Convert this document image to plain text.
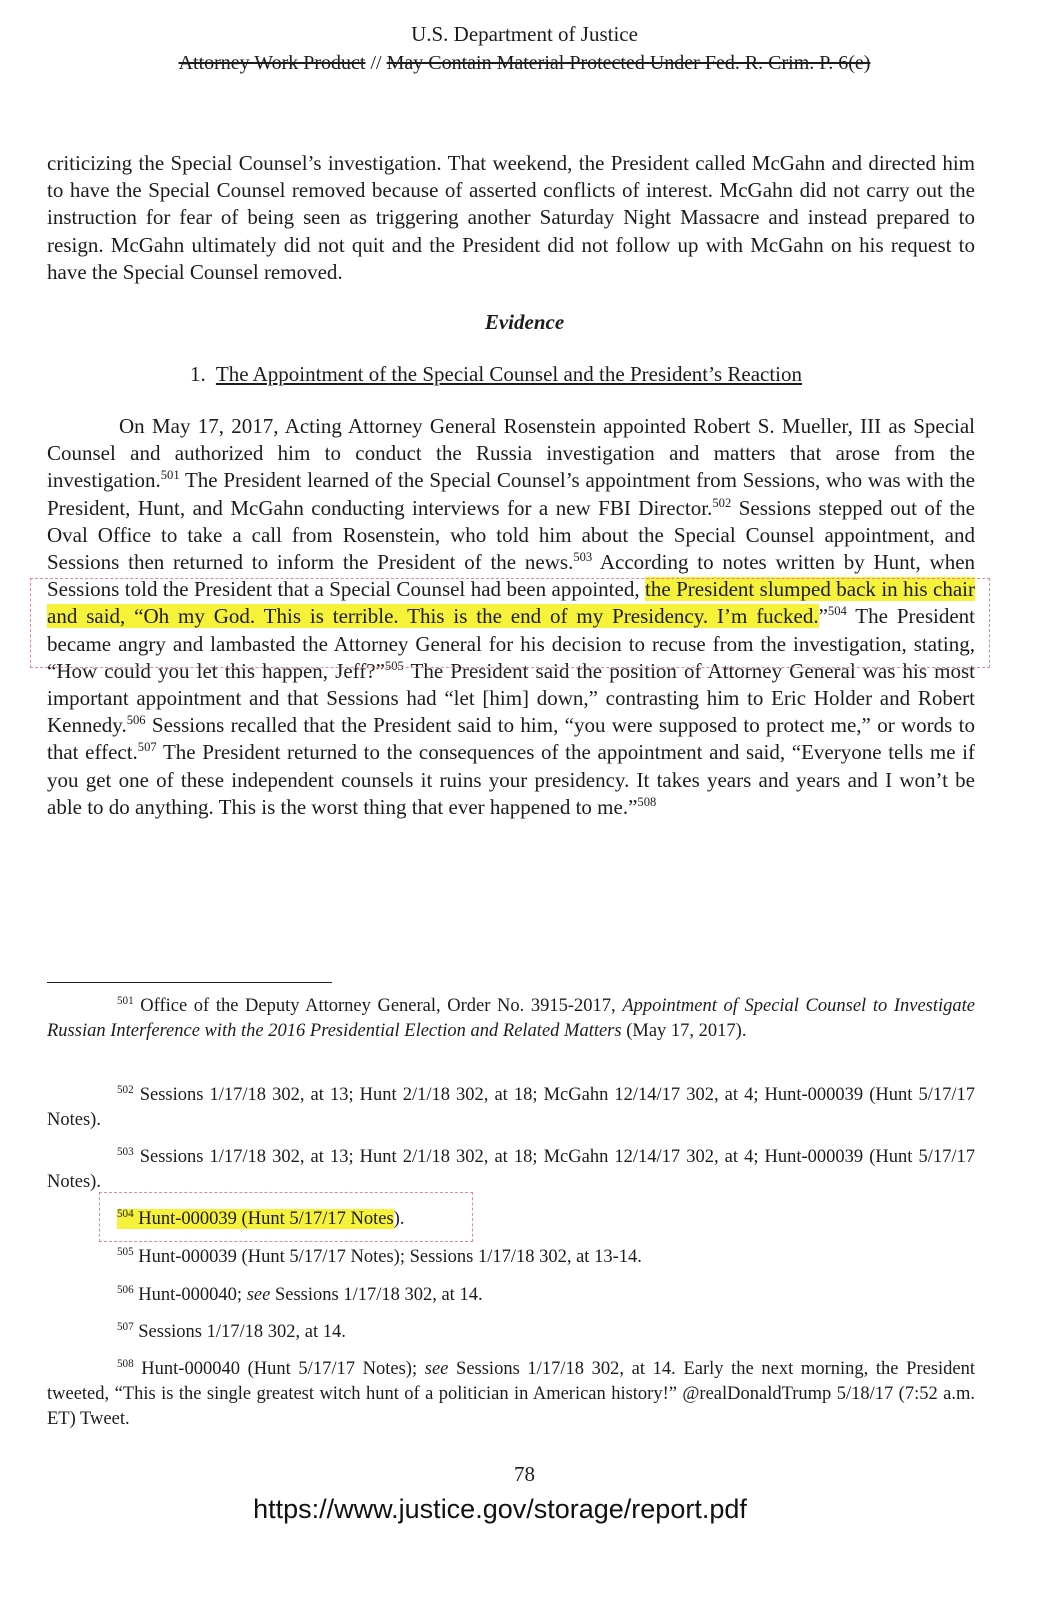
U.S. Department of Justice
Attorney Work Product // May Contain Material Protected Under Fed. R. Crim. P. 6(e)
criticizing the Special Counsel’s investigation. That weekend, the President called McGahn and directed him to have the Special Counsel removed because of asserted conflicts of interest. McGahn did not carry out the instruction for fear of being seen as triggering another Saturday Night Massacre and instead prepared to resign. McGahn ultimately did not quit and the President did not follow up with McGahn on his request to have the Special Counsel removed.
Evidence
1. The Appointment of the Special Counsel and the President’s Reaction
On May 17, 2017, Acting Attorney General Rosenstein appointed Robert S. Mueller, III as Special Counsel and authorized him to conduct the Russia investigation and matters that arose from the investigation.$^{501}$ The President learned of the Special Counsel’s appointment from Sessions, who was with the President, Hunt, and McGahn conducting interviews for a new FBI Director.$^{502}$ Sessions stepped out of the Oval Office to take a call from Rosenstein, who told him about the Special Counsel appointment, and Sessions then returned to inform the President of the news.$^{503}$ According to notes written by Hunt, when Sessions told the President that a Special Counsel had been appointed, the President slumped back in his chair and said, “Oh my God. This is terrible. This is the end of my Presidency. I’m fucked.”$^{504}$ The President became angry and lambasted the Attorney General for his decision to recuse from the investigation, stating, “How could you let this happen, Jeff?”$^{505}$ The President said the position of Attorney General was his most important appointment and that Sessions had “let [him] down,” contrasting him to Eric Holder and Robert Kennedy.$^{506}$ Sessions recalled that the President said to him, “you were supposed to protect me,” or words to that effect.$^{507}$ The President returned to the consequences of the appointment and said, “Everyone tells me if you get one of these independent counsels it ruins your presidency. It takes years and years and I won’t be able to do anything. This is the worst thing that ever happened to me.”$^{508}$
$^{501}$ Office of the Deputy Attorney General, Order No. 3915-2017, Appointment of Special Counsel to Investigate Russian Interference with the 2016 Presidential Election and Related Matters (May 17, 2017).
$^{502}$ Sessions 1/17/18 302, at 13; Hunt 2/1/18 302, at 18; McGahn 12/14/17 302, at 4; Hunt-000039 (Hunt 5/17/17 Notes).
$^{503}$ Sessions 1/17/18 302, at 13; Hunt 2/1/18 302, at 18; McGahn 12/14/17 302, at 4; Hunt-000039 (Hunt 5/17/17 Notes).
$^{504}$ Hunt-000039 (Hunt 5/17/17 Notes).
$^{505}$ Hunt-000039 (Hunt 5/17/17 Notes); Sessions 1/17/18 302, at 13-14.
$^{506}$ Hunt-000040; see Sessions 1/17/18 302, at 14.
$^{507}$ Sessions 1/17/18 302, at 14.
$^{508}$ Hunt-000040 (Hunt 5/17/17 Notes); see Sessions 1/17/18 302, at 14. Early the next morning, the President tweeted, “This is the single greatest witch hunt of a politician in American history!” @realDonaldTrump 5/18/17 (7:52 a.m. ET) Tweet.
78
https://www.justice.gov/storage/report.pdf
